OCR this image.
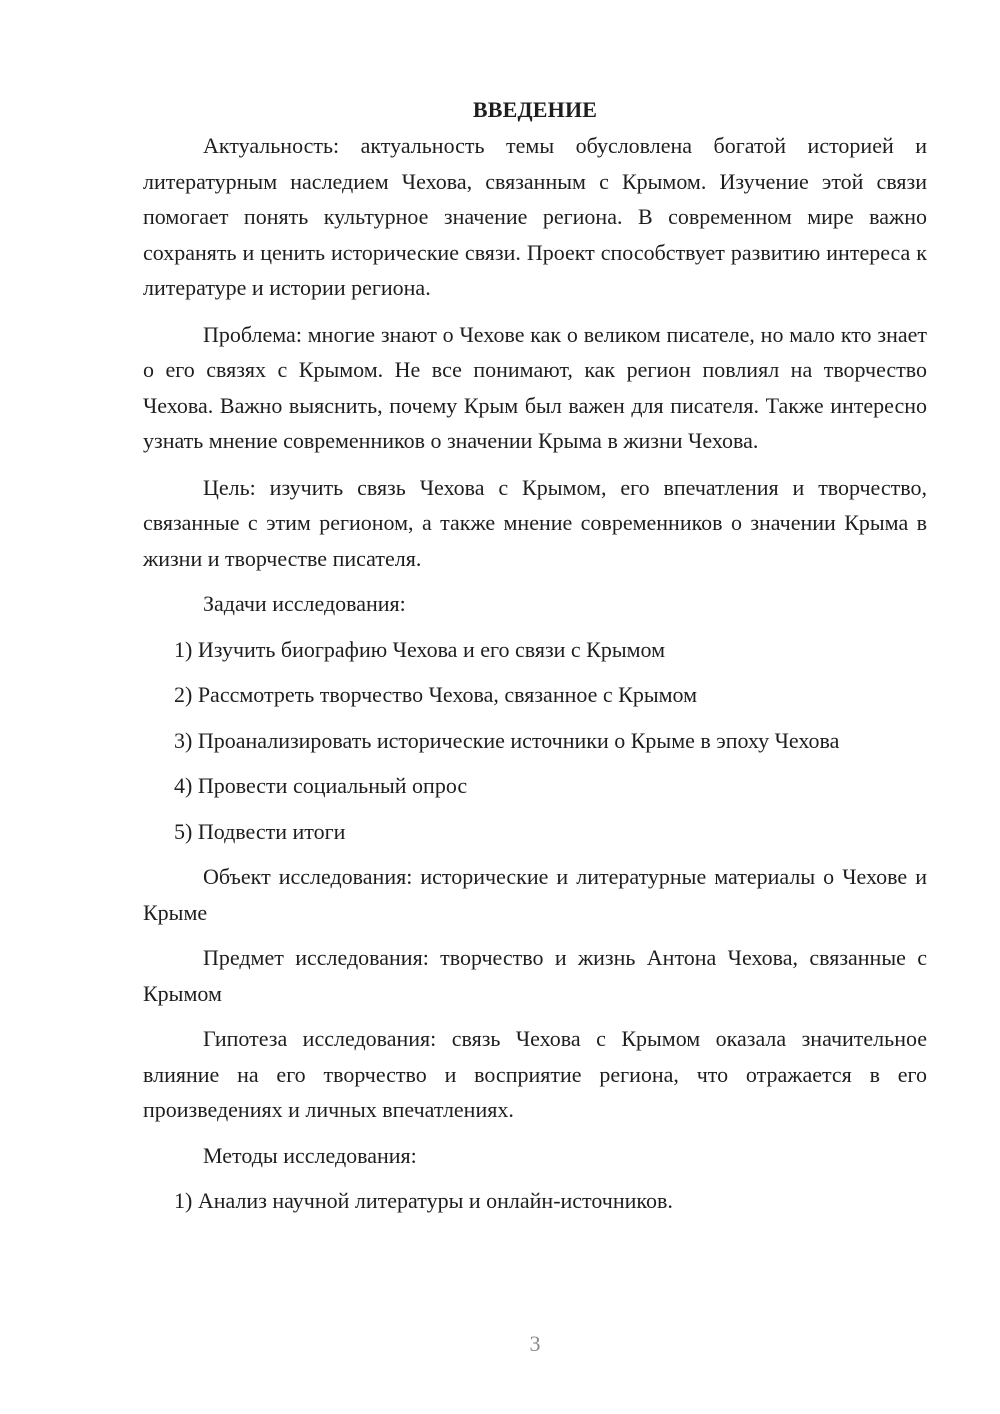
ВВЕДЕНИЕ

Актуальность: актуальность темы обусловлена богатой историей и литературным наследием Чехова, связанным с Крымом. Изучение этой связи помогает понять культурное значение региона. В современном мире важно сохранять и ценить исторические связи. Проект способствует развитию интереса к литературе и истории региона.

Проблема: многие знают о Чехове как о великом писателе, но мало кто знает о его связях с Крымом. Не все понимают, как регион повлиял на творчество Чехова. Важно выяснить, почему Крым был важен для писателя. Также интересно узнать мнение современников о значении Крыма в жизни Чехова.

Цель: изучить связь Чехова с Крымом, его впечатления и творчество, связанные с этим регионом, а также мнение современников о значении Крыма в жизни и творчестве писателя.

Задачи исследования:

1) Изучить биографию Чехова и его связи с Крымом

2) Рассмотреть творчество Чехова, связанное с Крымом

3) Проанализировать исторические источники о Крыме в эпоху Чехова

4) Провести социальный опрос

5) Подвести итоги

Объект исследования: исторические и литературные материалы о Чехове и Крыме

Предмет исследования: творчество и жизнь Антона Чехова, связанные с Крымом

Гипотеза исследования: связь Чехова с Крымом оказала значительное влияние на его творчество и восприятие региона, что отражается в его произведениях и личных впечатлениях.

Методы исследования:

1) Анализ научной литературы и онлайн-источников.

3
